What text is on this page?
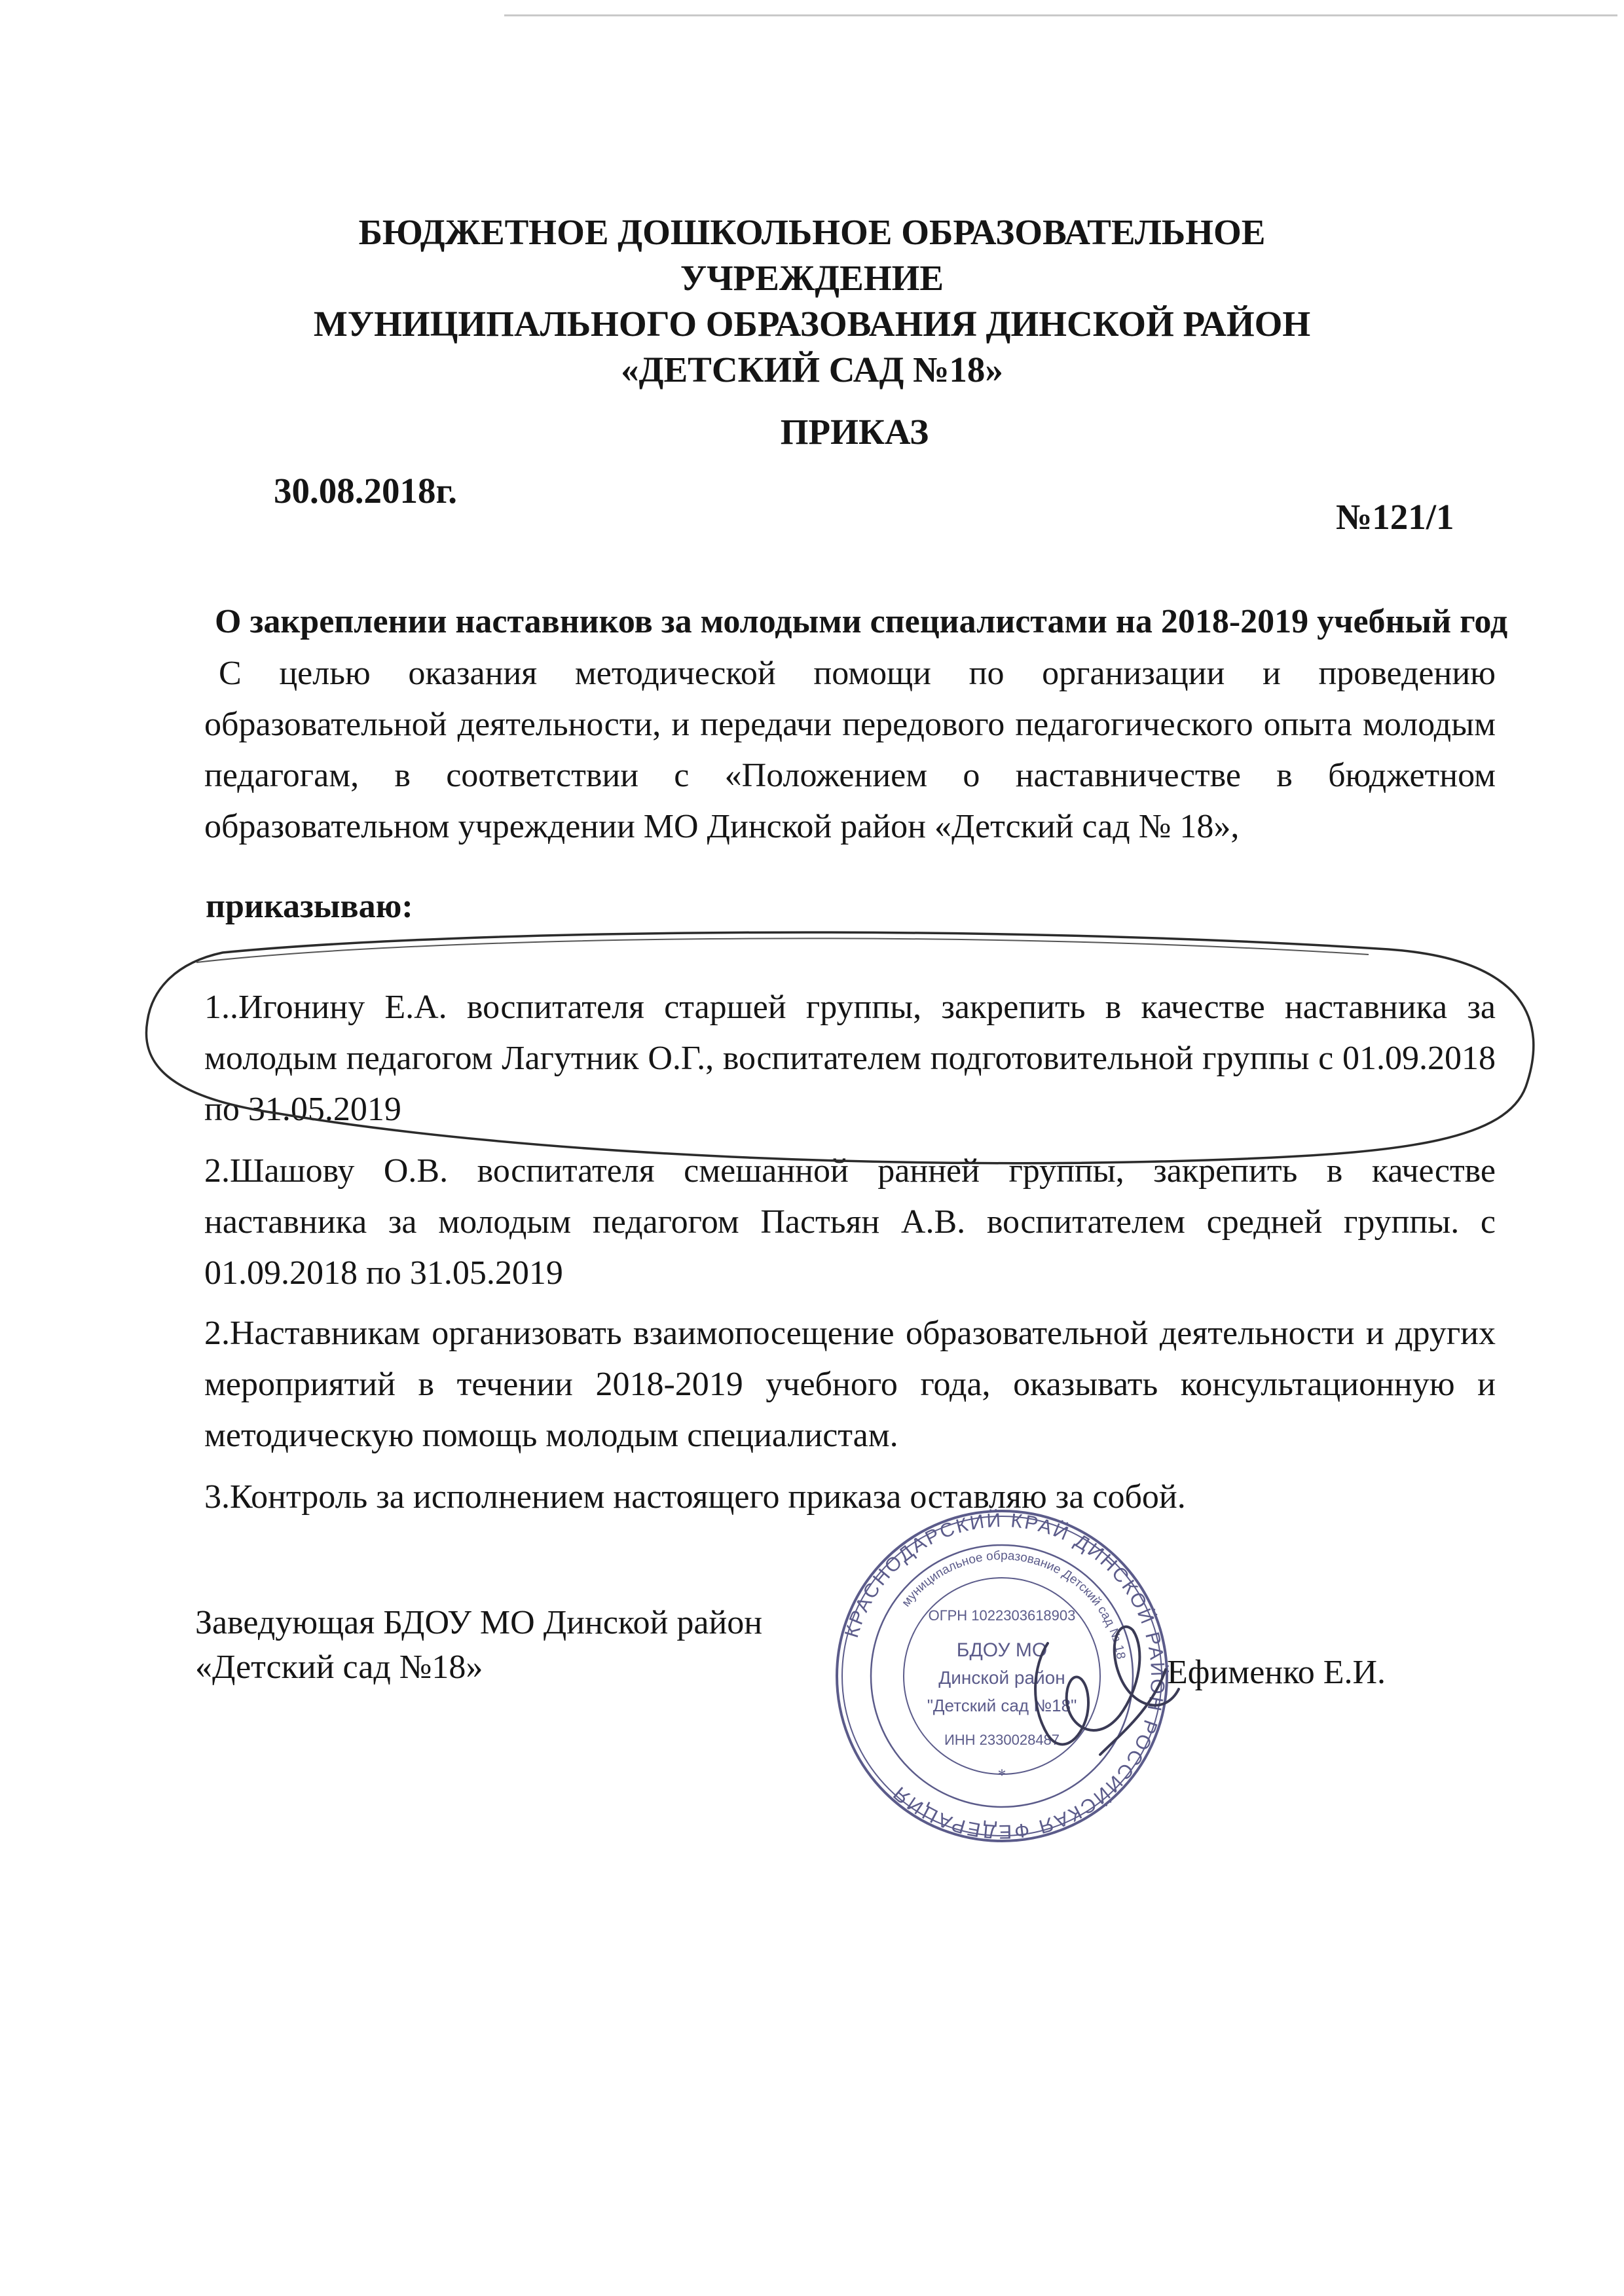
БЮДЖЕТНОЕ ДОШКОЛЬНОЕ ОБРАЗОВАТЕЛЬНОЕ УЧРЕЖДЕНИЕ
МУНИЦИПАЛЬНОГО ОБРАЗОВАНИЯ ДИНСКОЙ РАЙОН
«ДЕТСКИЙ САД №18»
ПРИКАЗ
30.08.2018г.
№121/1
О закреплении наставников за молодыми специалистами на 2018-2019 учебный год

С целью оказания методической помощи по организации и проведению образовательной деятельности, и передачи передового педагогического опыта молодым педагогам, в соответствии с «Положением о наставничестве в бюджетном образовательном учреждении МО Динской район «Детский сад № 18»,

приказываю:

1..Игонину Е.А. воспитателя старшей группы, закрепить в качестве наставника за молодым педагогом Лагутник О.Г., воспитателем подготовительной группы с 01.09.2018 по 31.05.2019

2.Шашову О.В. воспитателя смешанной ранней группы, закрепить в качестве наставника за молодым педагогом Пастьян А.В. воспитателем средней группы. с 01.09.2018 по 31.05.2019

2.Наставникам организовать взаимопосещение образовательной деятельности и других мероприятий в течении 2018-2019 учебного года, оказывать консультационную и методическую помощь молодым специалистам.

3.Контроль за исполнением настоящего приказа оставляю за собой.

Заведующая БДОУ МО Динской район
«Детский сад №18»	Ефименко Е.И.
КРАСНОДАРСКИЙ КРАЙ ДИНСКОЙ РАЙОН РОССИЙСКАЯ ФЕДЕРАЦИЯ
муниципальное образование Детский сад № 18
ОГРН 1022303618903
БДОУ МО
Динской район
"Детский сад №18"
ИНН 2330028487
*
